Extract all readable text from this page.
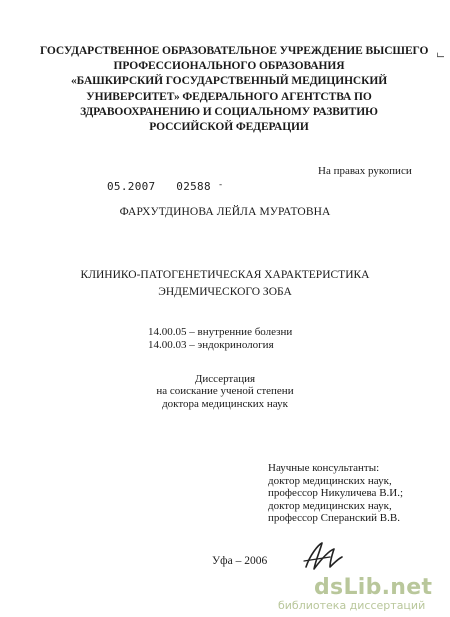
ГОСУДАРСТВЕННОЕ ОБРАЗОВАТЕЛЬНОЕ УЧРЕЖДЕНИЕ ВЫСШЕГО
ПРОФЕССИОНАЛЬНОГО ОБРАЗОВАНИЯ
«БАШКИРСКИЙ ГОСУДАРСТВЕННЫЙ МЕДИЦИНСКИЙ
УНИВЕРСИТЕТ» ФЕДЕРАЛЬНОГО АГЕНТСТВА ПО
ЗДРАВООХРАНЕНИЮ И СОЦИАЛЬНОМУ РАЗВИТИЮ
РОССИЙСКОЙ ФЕДЕРАЦИИ
Г
На правах рукописи
05.2007 02588 -
ФАРХУТДИНОВА ЛЕЙЛА МУРАТОВНА
КЛИНИКО-ПАТОГЕНЕТИЧЕСКАЯ ХАРАКТЕРИСТИКА
ЭНДЕМИЧЕСКОГО ЗОБА
14.00.05 – внутренние болезни
14.00.03 – эндокринология
Диссертация
на соискание ученой степени
доктора медицинских наук
Научные консультанты:
доктор медицинских наук,
профессор Никуличева В.И.;
доктор медицинских наук,
профессор Сперанский В.В.
Уфа – 2006
dsLib.net
библиотека диссертаций
